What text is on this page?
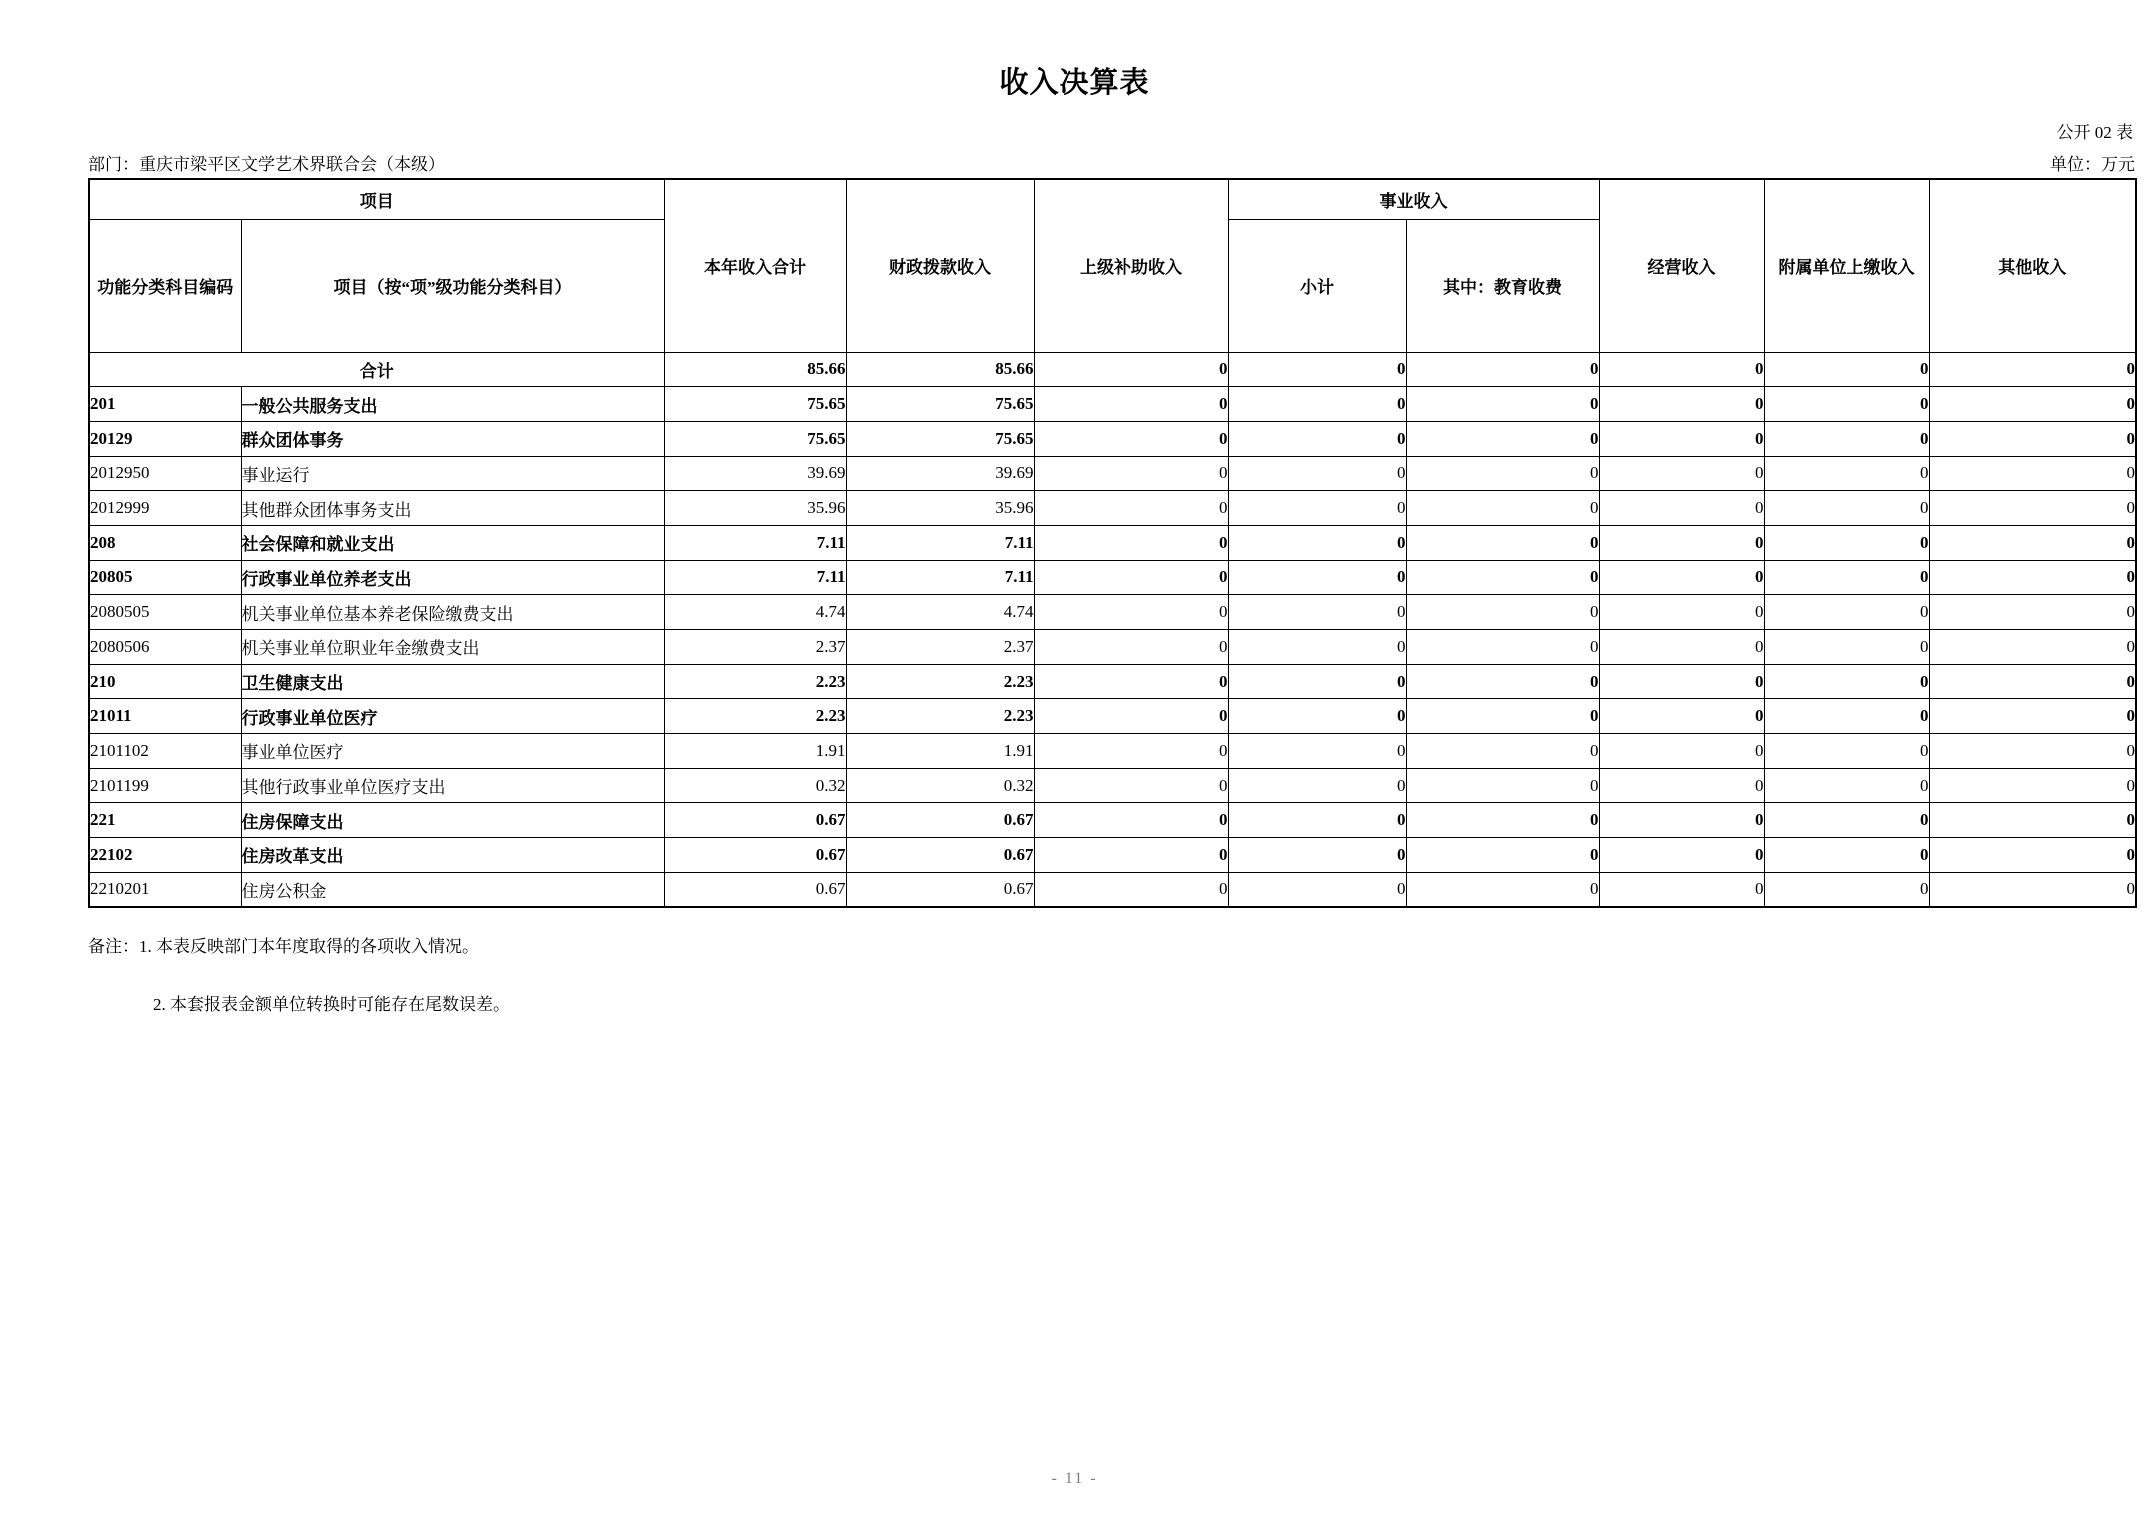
收入决算表
公开 02 表
部门：重庆市梁平区文学艺术界联合会（本级）	单位：万元
项目		本年收入合计	财政拨款收入	上级补助收入	事业收入		经营收入	附属单位上缴收入	其他收入
功能分类科目编码	项目（按“项”级功能分类科目）				小计	其中：教育收费			
合计		85.66	85.66	0	0	0	0	0	0
201	一般公共服务支出	75.65	75.65	0	0	0	0	0	0
20129	群众团体事务	75.65	75.65	0	0	0	0	0	0
2012950	事业运行	39.69	39.69	0	0	0	0	0	0
2012999	其他群众团体事务支出	35.96	35.96	0	0	0	0	0	0
208	社会保障和就业支出	7.11	7.11	0	0	0	0	0	0
20805	行政事业单位养老支出	7.11	7.11	0	0	0	0	0	0
2080505	机关事业单位基本养老保险缴费支出	4.74	4.74	0	0	0	0	0	0
2080506	机关事业单位职业年金缴费支出	2.37	2.37	0	0	0	0	0	0
210	卫生健康支出	2.23	2.23	0	0	0	0	0	0
21011	行政事业单位医疗	2.23	2.23	0	0	0	0	0	0
2101102	事业单位医疗	1.91	1.91	0	0	0	0	0	0
2101199	其他行政事业单位医疗支出	0.32	0.32	0	0	0	0	0	0
221	住房保障支出	0.67	0.67	0	0	0	0	0	0
22102	住房改革支出	0.67	0.67	0	0	0	0	0	0
2210201	住房公积金	0.67	0.67	0	0	0	0	0	0
备注：1. 本表反映部门本年度取得的各项收入情况。
2. 本套报表金额单位转换时可能存在尾数误差。
- 11 -
